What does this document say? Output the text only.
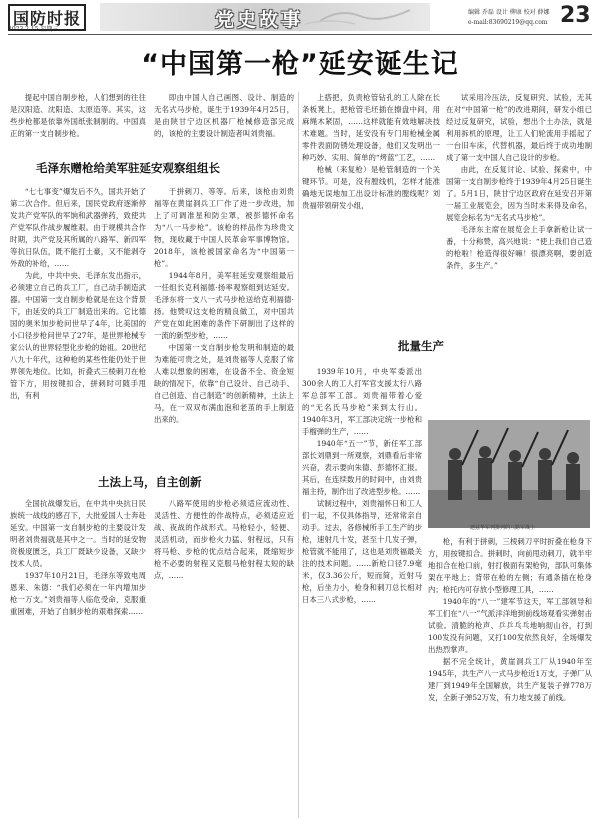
国防时报
2023.2.15 星期三	党史故事	编辑 乔磊 设计 柳康 校对 薛娜
e-mail:83690219@qq.com 23
“中国第一枪”延安诞生记

提起中国自制步枪，人们想到的往往是汉阳造、沈阳造、太原造等。其实，这些步枪都是依靠外国纸张制制的。中国真正的第一支自制步枪。

毛泽东赠枪给美军驻延安观察组组长

“七七事变”爆发后不久，国共开始了第二次合作。但后来，国民党政府逐渐停发共产党军队的军饷和武器弹药，致使共产党军队作战步履维艰。由于规模共合作时期，共产党及其所属的八路军、新四军等抗日队伍，既不能打土豪，又不能剥夺外敌的补给，……

为此，中共中央、毛泽东发出指示，必须建立自己的兵工厂，自己动手制造武器。中国第一支自制步枪就是在这个背景下，由延安的兵工厂制造出来的。它比德国的奥米加步枪问世早了4年，比美国的小口径步枪问世早了27年，是世界枪械专家公认的世界轻型化步枪的始祖。20世纪八九十年代，这种枪的某些性能仍处于世界领先地位。比如，折叠式三棱刺刀在枪管下方，用按键扣合，拼刺时可随手甩出，有利

即由中国人自己画图、设计、制造的无名式马步枪，诞生于1939年4月25日，是由陕甘宁边区机器厂枪械修造部完成的，该枪的主要设计制造者叫刘贵福。

于拼刺刀、等等。后来，该枪由刘贵福等在黄崖洞兵工厂作了进一步改进，加上了可调准星和防尘罩，被彭德怀命名为“八一马步枪”。该枪的样品作为珍贵文物，现收藏于中国人民革命军事博物馆。2018年，该枪被国家命名为“中国第一枪”。

1944年8月，美军驻延安观察组最后一任组长克利福德·扬率观察组到达延安。毛泽东将一支八一式马步枪送给克利福德·扬。他赞叹这支枪的精良做工，对中国共产党在如此困难的条件下研制出了这样的一流的新型步枪，……

中国第一支自制步枪发明和制造的最为难能可贵之处，是刘贵福等人克服了常人难以想象的困难，在设备不全、资金短缺的情况下，依靠“自己设计、自己动手、自己创造、自己制造”的创新精神，土法上马，在一双双布满血泡和老茧的手上制造出来的。

土法上马，自主创新

全国抗战爆发后，在中共中央抗日民族统一战线的感召下，大批爱国人士奔赴延安。中国第一支自制步枪的主要设计发明者刘贵福就是其中之一。当时的延安物资极度匮乏，兵工厂既缺少设备，又缺少技术人员。

1937年10月21日，毛泽东等致电周恩来、朱德：“我们必须在一年内增加步枪一万支。”刘贵福等人临危受命，克服重重困难，开始了自制步枪的艰难探索……

八路军使用的步枪必须适应流动性、灵活性、方便性的作战特点，必须适应近战、夜战的作战形式。马枪轻小，轻便、灵活机动，而步枪火力猛、射程远，只有将马枪、步枪的优点结合起来，既缩短步枪不必要的射程又克服马枪射程太短的缺点，……

上搭把，负责枪管钻孔的工人除在长条板凳上，把枪管毛坯插在擦盘中间，用麻绳木紧固，……这样就能有效地解决技术难题。当时，延安没有专门用枪械金属零件表面防锈处理设备，他们又发明出一种巧妙、实用、简单的“烤蓝”工艺，……

枪械（来复枪）是枪管制造的一个关键环节。可是，没有膛线机，怎样才能准确地无误地加工出设计标准的膛线呢？刘贵福带领研发小组，

批量生产

1939年10月，中央军委派出300余人的工人打军官支援太行八路军总部军工部。刘贵福带着心爱的“无名氏马步枪”来到太行山。1940年3月，军工部决定统一步枪和手榴弹的生产，……

1940年“五一”节，新任军工部部长刘鼎到一所观察，刘鼎看后非常兴奋，表示要向朱德、彭德怀汇报。其后，在连续数月的时间中，由刘贵福主持，制作出了改进型步枪。……

试制过程中，刘贵福怀日和工人们一起，不仅具体指导，还常常亲自动手。过去，各修械所手工生产的步枪，速射几十发，甚至十几发子弹，枪管就不能用了，这也是刘贵福最关注的技术问题。……新枪口径7.9毫米，仅3.36公斤，短而简，近射马枪，后坐力小，枪身和刺刀总长相对日本三八式步枪，……

试采用冷压法，反复研究、试验，无其在对“中国第一枪”的改进期间，研发小组已经过反复研究，试验，想出个土办法，就是利用拆机的原理，让工人们轮流用手摇起了一台旧车床，代替机器，最后终于成功地制成了第一支中国人自己设计的步枪。

由此，在反复讨论、试验、探索中，中国第一支自制步枪终于1939年4月25日诞生了。5月1日，陕甘宁边区政府在延安召开第一届工业展览会，因为当时未来得及命名，展览会标名为“无名式马步枪”。

毛泽东主席在展览会上手拿新枪让试一番，十分称赞，高兴地说：“使上我们自己造的枪啦！枪造得很好嘛！很漂亮啊，要创造条件，多生产。”

迪兹华军列排列的八路军战士

枪，有利于拼刺，三棱刺刀平时折叠在枪身下方，用按键扣合。拼刺时，向前甩动刺刀，就半牢地扣合在枪口前，射打极面有架枪钩，部队可集体架在平地上；背带在枪的左侧；有通条插在枪身内；枪托内可存放小型修理工具，……

1940年的“八一”建军节这天，军工部领导和军工们在“八一”气派洋洋地到前线场观看实弹射击试验。清脆的枪声、乒乒乓乓地响彻山谷，打到100发没有问题，又打100发依然良好，全场爆发出热烈掌声。

据不完全统计，黄崖洞兵工厂从1940年至1945年，共生产八一式马步枪近1万支，子弹厂从建厂到1949年全国解放，共生产复装子弹778万发，全新子弹52万发，有力地支援了前线。
